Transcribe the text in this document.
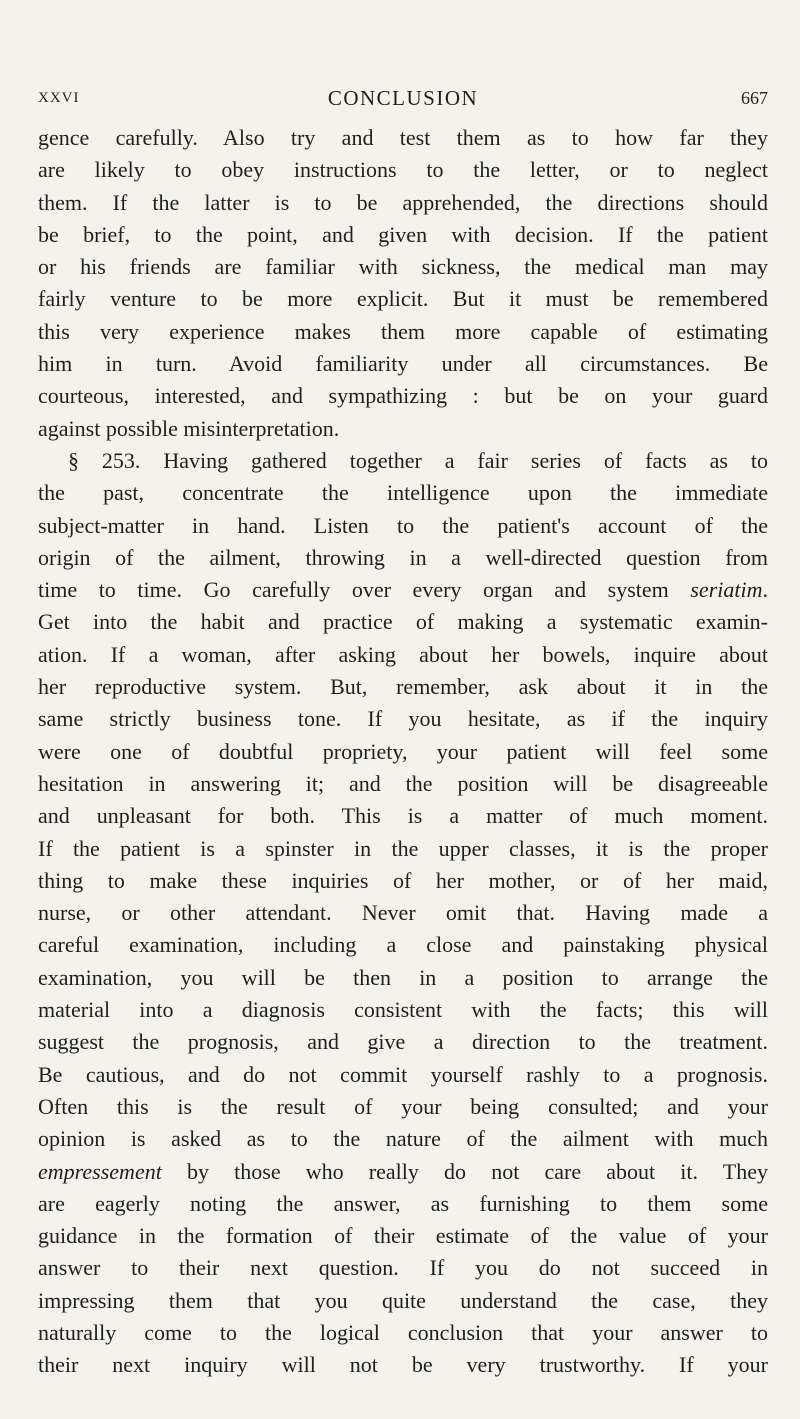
XXVI	CONCLUSION	667
gence carefully. Also try and test them as to how far they
are likely to obey instructions to the letter, or to neglect
them. If the latter is to be apprehended, the directions should
be brief, to the point, and given with decision. If the patient
or his friends are familiar with sickness, the medical man may
fairly venture to be more explicit. But it must be remembered
this very experience makes them more capable of estimating
him in turn. Avoid familiarity under all circumstances. Be
courteous, interested, and sympathizing : but be on your guard
against possible misinterpretation.
§ 253. Having gathered together a fair series of facts as to
the past, concentrate the intelligence upon the immediate
subject-matter in hand. Listen to the patient's account of the
origin of the ailment, throwing in a well-directed question from
time to time. Go carefully over every organ and system seriatim.
Get into the habit and practice of making a systematic examin-
ation. If a woman, after asking about her bowels, inquire about
her reproductive system. But, remember, ask about it in the
same strictly business tone. If you hesitate, as if the inquiry
were one of doubtful propriety, your patient will feel some
hesitation in answering it; and the position will be disagreeable
and unpleasant for both. This is a matter of much moment.
If the patient is a spinster in the upper classes, it is the proper
thing to make these inquiries of her mother, or of her maid,
nurse, or other attendant. Never omit that. Having made a
careful examination, including a close and painstaking physical
examination, you will be then in a position to arrange the
material into a diagnosis consistent with the facts; this will
suggest the prognosis, and give a direction to the treatment.
Be cautious, and do not commit yourself rashly to a prognosis.
Often this is the result of your being consulted; and your
opinion is asked as to the nature of the ailment with much
empressement by those who really do not care about it. They
are eagerly noting the answer, as furnishing to them some
guidance in the formation of their estimate of the value of your
answer to their next question. If you do not succeed in
impressing them that you quite understand the case, they
naturally come to the logical conclusion that your answer to
their next inquiry will not be very trustworthy. If your
